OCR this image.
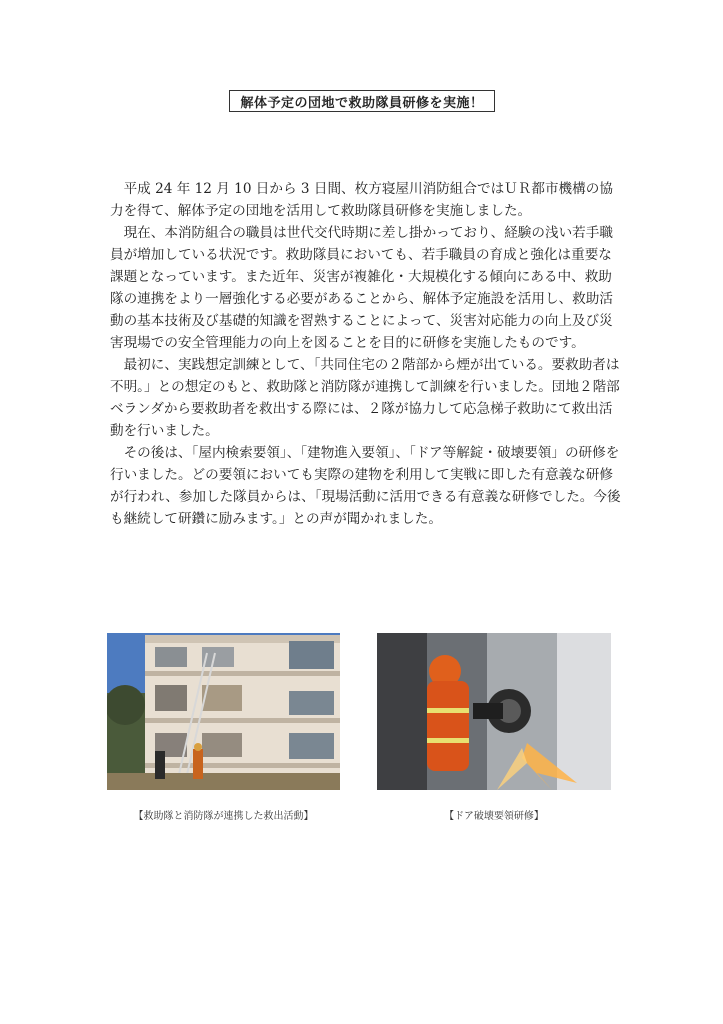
解体予定の団地で救助隊員研修を実施！

平成 24 年 12 月 10 日から 3 日間、枚方寝屋川消防組合ではＵＲ都市機構の協力を得て、解体予定の団地を活用して救助隊員研修を実施しました。

現在、本消防組合の職員は世代交代時期に差し掛かっており、経験の浅い若手職員が増加している状況です。救助隊員においても、若手職員の育成と強化は重要な課題となっています。また近年、災害が複雑化・大規模化する傾向にある中、救助隊の連携をより一層強化する必要があることから、解体予定施設を活用し、救助活動の基本技術及び基礎的知識を習熟することによって、災害対応能力の向上及び災害現場での安全管理能力の向上を図ることを目的に研修を実施したものです。

最初に、実践想定訓練として、「共同住宅の２階部から煙が出ている。要救助者は不明。」との想定のもと、救助隊と消防隊が連携して訓練を行いました。団地２階部ベランダから要救助者を救出する際には、２隊が協力して応急梯子救助にて救出活動を行いました。

その後は、「屋内検索要領」、「建物進入要領」、「ドア等解錠・破壊要領」の研修を行いました。どの要領においても実際の建物を利用して実戦に即した有意義な研修が行われ、参加した隊員からは、「現場活動に活用できる有意義な研修でした。今後も継続して研鑽に励みます。」との声が聞かれました。

【救助隊と消防隊が連携した救出活動】	【ドア破壊要領研修】
